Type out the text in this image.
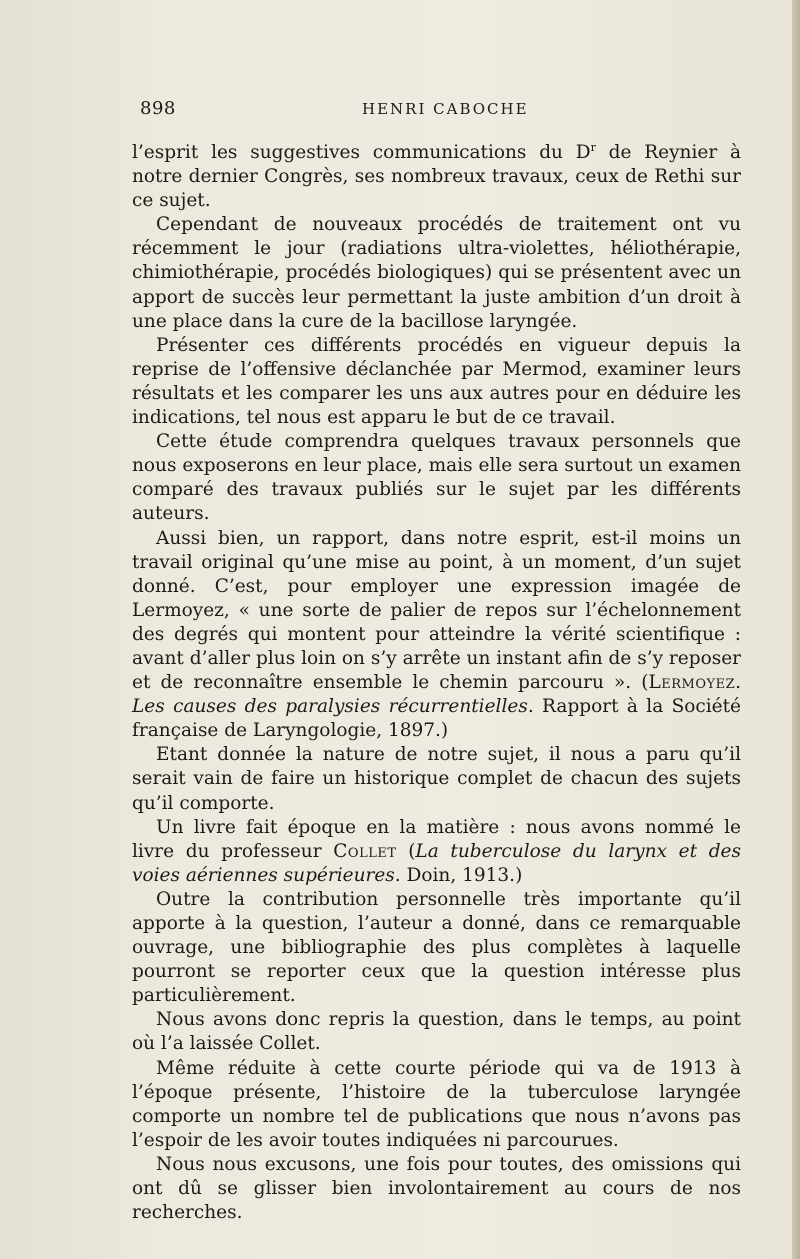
898	HENRI CABOCHE

l’esprit les suggestives communications du $D^r$ de Reynier à notre dernier Congrès, ses nombreux travaux, ceux de Rethi sur ce sujet.

Cependant de nouveaux procédés de traitement ont vu récemment le jour (radiations ultra-violettes, héliothérapie, chimiothérapie, procédés biologiques) qui se présentent avec un apport de succès leur permettant la juste ambition d’un droit à une place dans la cure de la bacillose laryngée.

Présenter ces différents procédés en vigueur depuis la reprise de l’offensive déclanchée par Mermod, examiner leurs résultats et les comparer les uns aux autres pour en déduire les indications, tel nous est apparu le but de ce travail.

Cette étude comprendra quelques travaux personnels que nous exposerons en leur place, mais elle sera surtout un examen comparé des travaux publiés sur le sujet par les différents auteurs.

Aussi bien, un rapport, dans notre esprit, est-il moins un travail original qu’une mise au point, à un moment, d’un sujet donné. C’est, pour employer une expression imagée de Lermoyez, « une sorte de palier de repos sur l’échelonnement des degrés qui montent pour atteindre la vérité scientifique : avant d’aller plus loin on s’y arrête un instant afin de s’y reposer et de reconnaître ensemble le chemin parcouru ». (Lermoyez. Les causes des paralysies récurrentielles. Rapport à la Société française de Laryngologie, 1897.)

Etant donnée la nature de notre sujet, il nous a paru qu’il serait vain de faire un historique complet de chacun des sujets qu’il comporte.

Un livre fait époque en la matière : nous avons nommé le livre du professeur Collet (La tuberculose du larynx et des voies aériennes supérieures. Doin, 1913.)

Outre la contribution personnelle très importante qu’il apporte à la question, l’auteur a donné, dans ce remarquable ouvrage, une bibliographie des plus complètes à laquelle pourront se reporter ceux que la question intéresse plus particulièrement.

Nous avons donc repris la question, dans le temps, au point où l’a laissée Collet.

Même réduite à cette courte période qui va de 1913 à l’époque présente, l’histoire de la tuberculose laryngée comporte un nombre tel de publications que nous n’avons pas l’espoir de les avoir toutes indiquées ni parcourues.

Nous nous excusons, une fois pour toutes, des omissions qui ont dû se glisser bien involontairement au cours de nos recherches.
